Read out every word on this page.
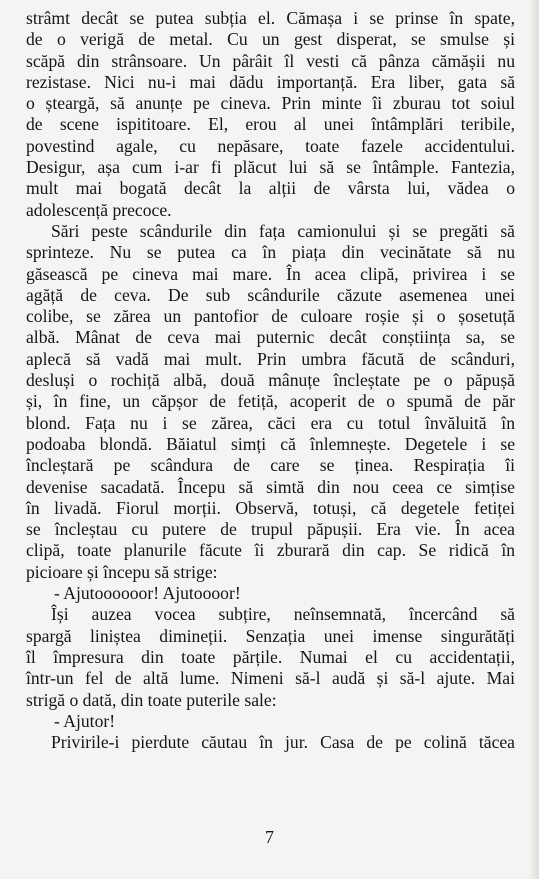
strâmt decât se putea subția el. Cămașa i se prinse în spate,
de o verigă de metal. Cu un gest disperat, se smulse și
scăpă din strânsoare. Un pârâit îl vesti că pânza cămășii nu
rezistase. Nici nu-i mai dădu importanță. Era liber, gata să
o șteargă, să anunțe pe cineva. Prin minte îi zburau tot soiul
de scene ispititoare. El, erou al unei întâmplări teribile,
povestind agale, cu nepăsare, toate fazele accidentului.
Desigur, așa cum i-ar fi plăcut lui să se întâmple. Fantezia,
mult mai bogată decât la alții de vârsta lui, vădea o
adolescență precoce.
Sări peste scândurile din fața camionului și se pregăti să
sprinteze. Nu se putea ca în piața din vecinătate să nu
găsească pe cineva mai mare. În acea clipă, privirea i se
agăță de ceva. De sub scândurile căzute asemenea unei
colibe, se zărea un pantofior de culoare roșie și o șosetuță
albă. Mânat de ceva mai puternic decât conștiința sa, se
aplecă să vadă mai mult. Prin umbra făcută de scânduri,
desluși o rochiță albă, două mânuțe încleștate pe o păpușă
și, în fine, un căpșor de fetiță, acoperit de o spumă de păr
blond. Fața nu i se zărea, căci era cu totul învăluită în
podoaba blondă. Băiatul simți că înlemnește. Degetele i se
încleștară pe scândura de care se ținea. Respirația îi
devenise sacadată. Începu să simtă din nou ceea ce simțise
în livadă. Fiorul morții. Observă, totuși, că degetele fetiței
se încleștau cu putere de trupul păpușii. Era vie. În acea
clipă, toate planurile făcute îi zburară din cap. Se ridică în
picioare și începu să strige:
- Ajutoooooor! Ajutoooor!
Își auzea vocea subțire, neînsemnată, încercând să
spargă liniștea dimineții. Senzația unei imense singurătăți
îl împresura din toate părțile. Numai el cu accidentații,
într-un fel de altă lume. Nimeni să-l audă și să-l ajute. Mai
strigă o dată, din toate puterile sale:
- Ajutor!
Privirile-i pierdute căutau în jur. Casa de pe colină tăcea
7
